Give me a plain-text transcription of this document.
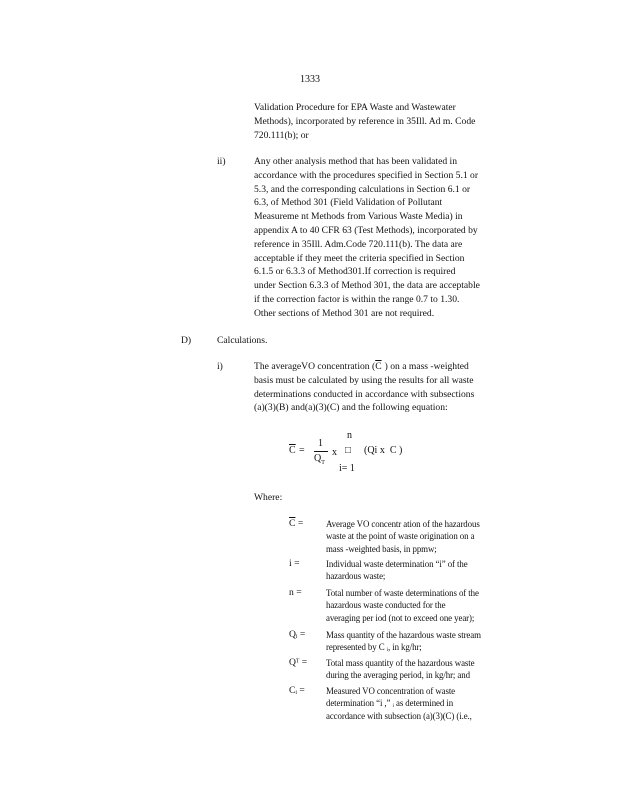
1333
Validation Procedure for EPA Waste and Wastewater
Methods), incorporated by reference in 35Ill. Ad m. Code
720.111(b); or
ii)	Any other analysis method that has been validated in
accordance with the procedures specified in Section 5.1 or
5.3, and the corresponding calculations in Section 6.1 or
6.3, of Method 301 (Field Validation of Pollutant
Measureme nt Methods from Various Waste Media) in
appendix A to 40 CFR 63 (Test Methods), incorporated by
reference in 35Ill. Adm.Code 720.111(b). The data are
acceptable if they meet the criteria specified in Section
6.1.5 or 6.3.3 of Method301.If correction is required
under Section 6.3.3 of Method 301, the data are acceptable
if the correction factor is within the range 0.7 to 1.30.
Other sections of Method 301 are not required.
D)	Calculations.
i)	The averageVO concentration ($\overline{C}$ ) on a mass -weighted
basis must be calculated by using the results for all waste
determinations conducted in accordance with subsections
(a)(3)(B) and(a)(3)(C) and the following equation:
n
$\overline{C}$ =
1
$Q_T$
x □ (Qi x  C )
i= 1
Where:
$\overline{C}$ =	Average VO concentr ation of the hazardous
waste at the point of waste origination on a
mass -weighted basis, in ppmw;
i =	Individual waste determination “i” of the
hazardous waste;
n =	Total number of waste determinations of the
hazardous waste conducted for the
averaging per iod (not to exceed one year);
Qᵢ =	Mass quantity of the hazardous waste stream
represented by C ᵢ, in kg/hr;
Qᵀ =	Total mass quantity of the hazardous waste
during the averaging period, in kg/hr; and
Cᵢ =	Measured VO concentration of waste
determination “i ,” ᵢ as determined in
accordance with subsection (a)(3)(C) (i.e.,
